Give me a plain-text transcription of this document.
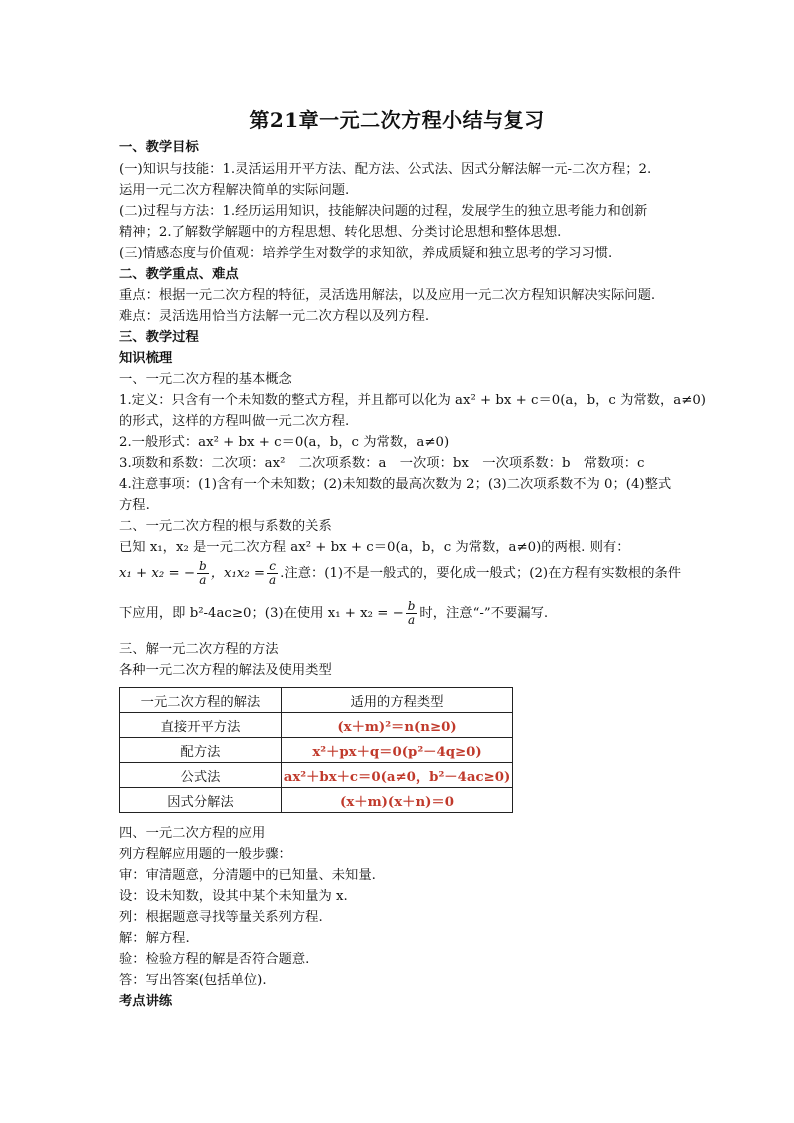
第21章一元二次方程小结与复习
一、教学目标
(一)知识与技能：1.灵活运用开平方法、配方法、公式法、因式分解法解一元-二次方程；2.
运用一元二次方程解决简单的实际问题.
(二)过程与方法：1.经历运用知识，技能解决问题的过程，发展学生的独立思考能力和创新
精神；2.了解数学解题中的方程思想、转化思想、分类讨论思想和整体思想.
(三)情感态度与价值观：培养学生对数学的求知欲，养成质疑和独立思考的学习习惯.
二、教学重点、难点
重点：根据一元二次方程的特征，灵活选用解法，以及应用一元二次方程知识解决实际问题.
难点：灵活选用恰当方法解一元二次方程以及列方程.
三、教学过程
知识梳理
一、一元二次方程的基本概念
1.定义：只含有一个未知数的整式方程，并且都可以化为 ax² + bx + c＝0(a，b，c 为常数，a≠0)
的形式，这样的方程叫做一元二次方程.
2.一般形式：ax² + bx + c＝0(a，b，c 为常数，a≠0)
3.项数和系数：二次项：ax²　二次项系数：a　一次项：bx　一次项系数：b　常数项：c
4.注意事项：(1)含有一个未知数；(2)未知数的最高次数为 2；(3)二次项系数不为 0；(4)整式
方程.
二、一元二次方程的根与系数的关系
已知 x₁，x₂ 是一元二次方程 ax² + bx + c＝0(a，b，c 为常数，a≠0)的两根. 则有：
x₁ + x₂ = − $\frac{b}{a}$ ，$x_1x_2 = \frac{c}{a}$ .注意：(1)不是一般式的，要化成一般式；(2)在方程有实数根的条件
下应用，即 b²-4ac≥0；(3)在使用 x₁ + x₂ = − $\frac{b}{a}$ 时，注意“-”不要漏写.
三、解一元二次方程的方法
各种一元二次方程的解法及使用类型
一元二次方程的解法	适用的方程类型
直接开平方法	(x＋m)²＝n(n≥0)
配方法	x²＋px＋q＝0(p²－4q≥0)
公式法	ax²＋bx＋c＝0(a≠0，b²－4ac≥0)
因式分解法	(x＋m)(x＋n)＝0
四、一元二次方程的应用
列方程解应用题的一般步骤：
审：审清题意，分清题中的已知量、未知量.
设：设未知数，设其中某个未知量为 x.
列：根据题意寻找等量关系列方程.
解：解方程.
验：检验方程的解是否符合题意.
答：写出答案(包括单位).
考点讲练
